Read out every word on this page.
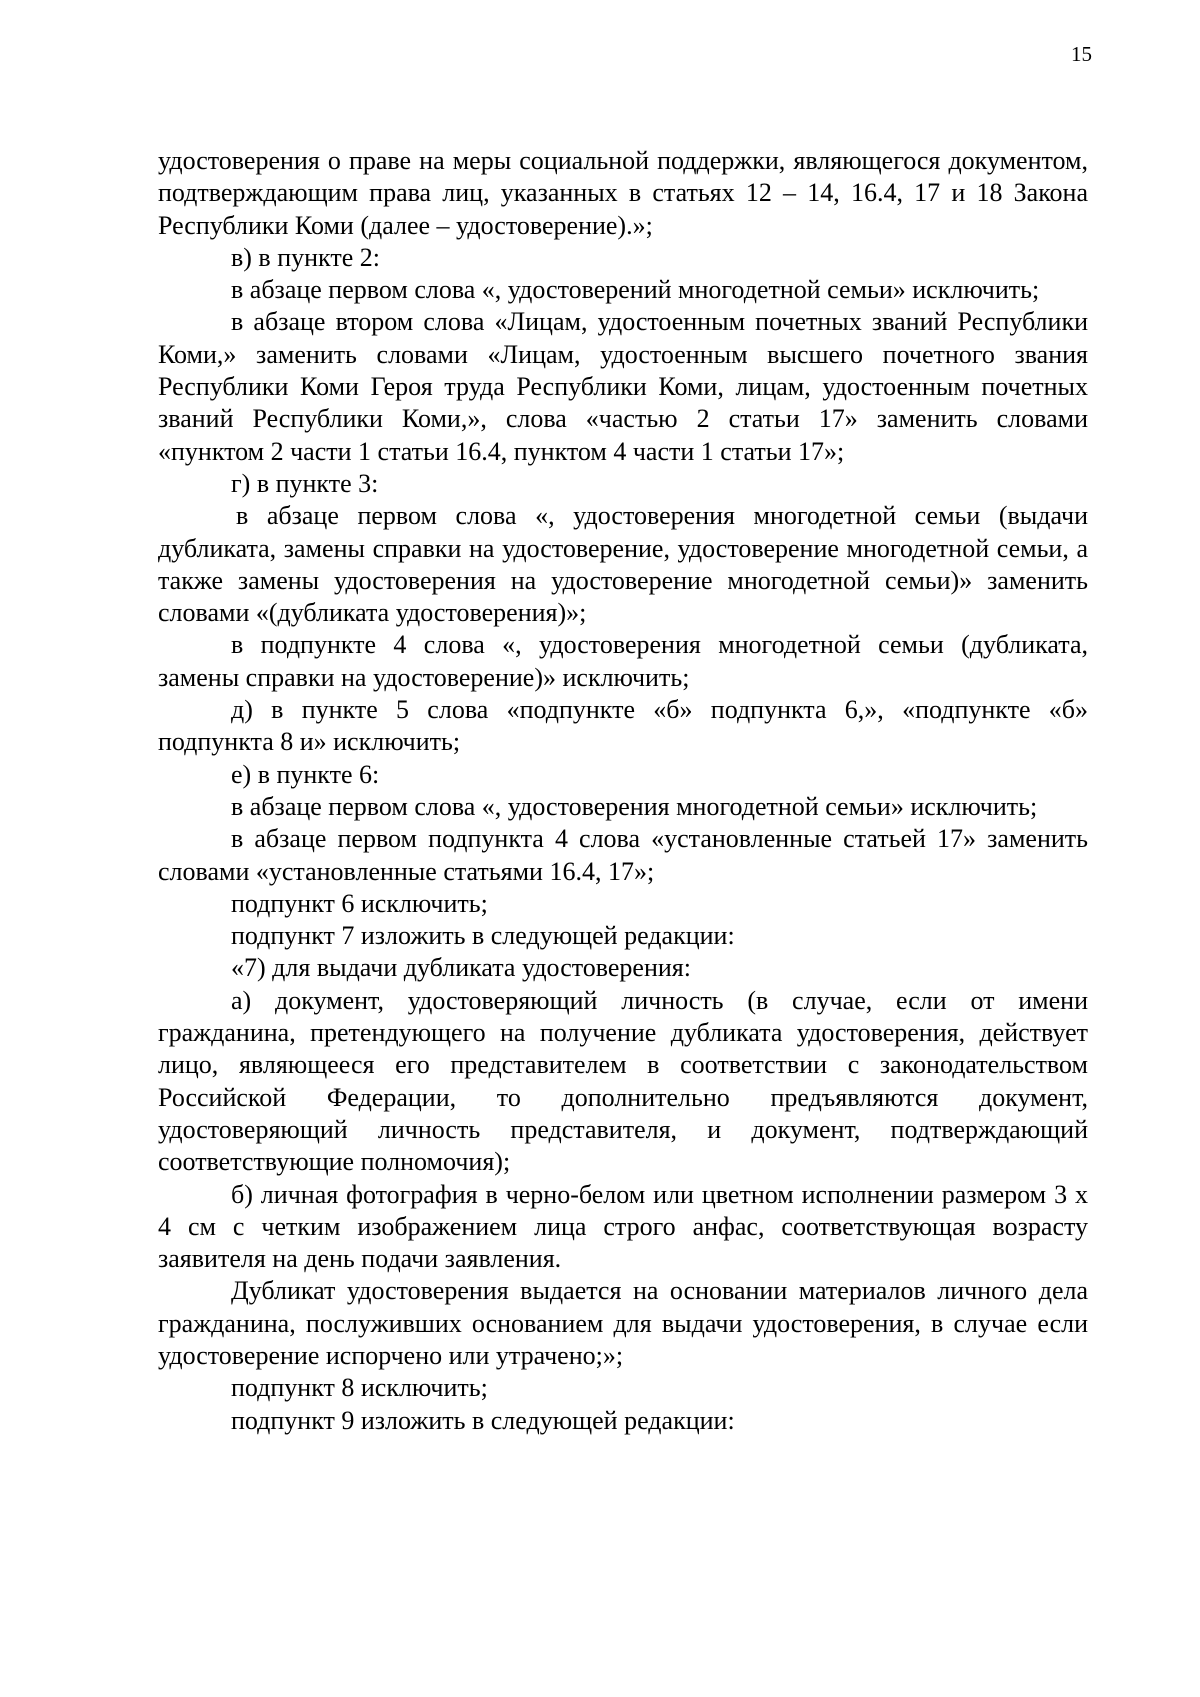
15

удостоверения о праве на меры социальной поддержки, являющегося документом, подтверждающим права лиц, указанных в статьях 12 – 14, 16.4, 17 и 18 Закона Республики Коми (далее – удостоверение).»;

в) в пункте 2:

в абзаце первом слова «, удостоверений многодетной семьи» исключить;

в абзаце втором слова «Лицам, удостоенным почетных званий Республики Коми,» заменить словами «Лицам, удостоенным высшего почетного звания Республики Коми Героя труда Республики Коми, лицам, удостоенным почетных званий Республики Коми,», слова «частью 2 статьи 17» заменить словами «пунктом 2 части 1 статьи 16.4, пунктом 4 части 1 статьи 17»;

г) в пункте 3:

в абзаце первом слова «, удостоверения многодетной семьи (выдачи дубликата, замены справки на удостоверение, удостоверение многодетной семьи, а также замены удостоверения на удостоверение многодетной семьи)» заменить словами «(дубликата удостоверения)»;

в подпункте 4 слова «, удостоверения многодетной семьи (дубликата, замены справки на удостоверение)» исключить;

д) в пункте 5 слова «подпункте «б» подпункта 6,», «подпункте «б» подпункта 8 и» исключить;

е) в пункте 6:

в абзаце первом слова «, удостоверения многодетной семьи» исключить;

в абзаце первом подпункта 4 слова «установленные статьей 17» заменить словами «установленные статьями 16.4, 17»;

подпункт 6 исключить;

подпункт 7 изложить в следующей редакции:

«7) для выдачи дубликата удостоверения:

а) документ, удостоверяющий личность (в случае, если от имени гражданина, претендующего на получение дубликата удостоверения, действует лицо, являющееся его представителем в соответствии с законодательством Российской Федерации, то дополнительно предъявляются документ, удостоверяющий личность представителя, и документ, подтверждающий соответствующие полномочия);

б) личная фотография в черно-белом или цветном исполнении размером 3 x 4 см с четким изображением лица строго анфас, соответствующая возрасту заявителя на день подачи заявления.

Дубликат удостоверения выдается на основании материалов личного дела гражданина, послуживших основанием для выдачи удостоверения, в случае если удостоверение испорчено или утрачено;»;

подпункт 8 исключить;

подпункт 9 изложить в следующей редакции:
